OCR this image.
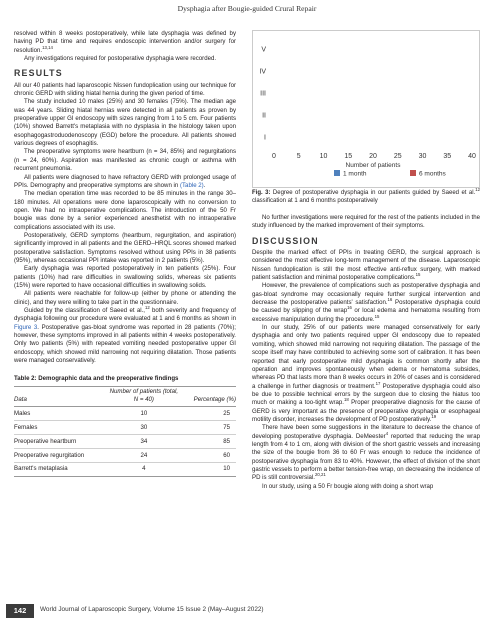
Dysphagia after Bougie-guided Crural Repair

resolved within 8 weeks postoperatively, while late dysphagia was defined by having PD that time and requires endoscopic intervention and/or surgery for resolution.$^{13,14}$

Any investigations required for postoperative dysphagia were recorded.

RESULTS

All our 40 patients had laparoscopic Nissen fundoplication using our technique for chronic GERD with sliding hiatal hernia during the given period of time.

The study included 10 males (25%) and 30 females (75%). The median age was 44 years. Sliding hiatal hernias were detected in all patients as proven by preoperative upper GI endoscopy with sizes ranging from 1 to 5 cm. Four patients (10%) showed Barrett's metaplasia with no dysplasia in the histology taken upon esophagogastroduodenoscopy (EGD) before the procedure. All patients showed various degrees of esophagitis.

The preoperative symptoms were heartburn (n = 34, 85%) and regurgitations (n = 24, 60%). Aspiration was manifested as chronic cough or asthma with recurrent pneumonia.

All patients were diagnosed to have refractory GERD with prolonged usage of PPIs. Demography and preoperative symptoms are shown in (Table 2).

The median operation time was recorded to be 85 minutes in the range 30–180 minutes. All operations were done laparoscopically with no conversion to open. We had no intraoperative complications. The introduction of the 50 Fr bougie was done by a senior experienced anesthetist with no intraoperative complications associated with its use.

Postoperatively, GERD symptoms (heartburn, regurgitation, and aspiration) significantly improved in all patients and the GERD–HRQL scores showed marked postoperative satisfaction. Symptoms resolved without using PPIs in 38 patients (95%), whereas occasional PPI intake was reported in 2 patients (5%).

Early dysphagia was reported postoperatively in ten patients (25%). Four patients (10%) had rare difficulties in swallowing solids, whereas six patients (15%) were reported to have occasional difficulties in swallowing solids.

All patients were reachable for follow-up (either by phone or attending the clinic), and they were willing to take part in the questionnaire.

Guided by the classification of Saeed et al.,$^{12}$ both severity and frequency of dysphagia following our procedure were evaluated at 1 and 6 months as shown in Figure 3. Postoperative gas-bloat syndrome was reported in 28 patients (70%); however, these symptoms improved in all patients within 4 weeks postoperatively. Only two patients (5%) with repeated vomiting needed postoperative upper GI endoscopy, which showed mild narrowing not requiring dilatation. Those patients were managed conservatively.

Table 2: Demographic data and the preoperative findings
Data	Number of patients (total, N = 40)	Percentage (%)
Males	10	25
Females	30	75
Preoperative heartburn	34	85
Preoperative regurgitation	24	60
Barrett's metaplasia	4	10
I
II
III
IV
V
0	5	10 15 20 25 30 35 40
Number of patients
1 month	6 months

Fig. 3: Degree of postoperative dysphagia in our patients guided by Saeed et al.$^{12}$ classification at 1 and 6 months postoperatively

No further investigations were required for the rest of the patients included in the study influenced by the marked improvement of their symptoms.

DISCUSSION

Despite the marked effect of PPIs in treating GERD, the surgical approach is considered the most effective long-term management of the disease. Laparoscopic Nissen fundoplication is still the most effective anti-reflux surgery, with marked patient satisfaction and minimal postoperative complications.$^{15}$

However, the prevalence of complications such as postoperative dysphagia and gas-bloat syndrome may occasionally require further surgical intervention and decrease the postoperative patients' satisfaction.$^{16}$ Postoperative dysphagia could be caused by slipping of the wrap$^{16}$ or local edema and hematoma resulting from excessive manipulation during the procedure.$^{15}$

In our study, 25% of our patients were managed conservatively for early dysphagia and only two patients required upper GI endoscopy due to repeated vomiting, which showed mild narrowing not requiring dilatation. The passage of the scope itself may have contributed to achieving some sort of calibration. It has been reported that early postoperative mild dysphagia is common shortly after the operation and improves spontaneously when edema or hematoma subsides, whereas PD that lasts more than 8 weeks occurs in 20% of cases and is considered a challenge in further diagnosis or treatment.$^{17}$ Postoperative dysphagia could also be due to possible technical errors by the surgeon due to closing the hiatus too much or making a too-tight wrap.$^{18}$ Proper preoperative diagnosis for the cause of GERD is very important as the presence of preoperative dysphagia or esophageal motility disorder, increases the development of PD postoperatively.$^{19}$

There have been some suggestions in the literature to decrease the chance of developing postoperative dysphagia. DeMeester$^4$ reported that reducing the wrap length from 4 to 1 cm, along with division of the short gastric vessels and increasing the size of the bougie from 36 to 60 Fr was enough to reduce the incidence of postoperative dysphagia from 83 to 40%. However, the effect of division of the short gastric vessels to perform a better tension-free wrap, on decreasing the incidence of PD is still controversial.$^{20,21}$

In our study, using a 50 Fr bougie along with doing a short wrap

142	World Journal of Laparoscopic Surgery, Volume 15 Issue 2 (May–August 2022)
